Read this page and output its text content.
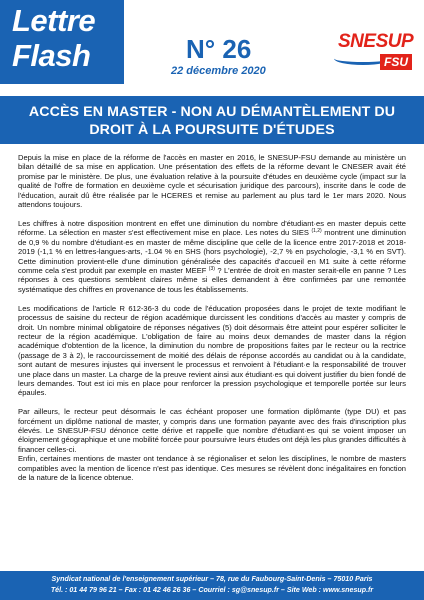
Lettre
Flash	N° 26
22 décembre 2020
SNESUP
FSU
ACCÈS EN MASTER - NON AU DÉMANTÈLEMENT DU
DROIT À LA POURSUITE D'ÉTUDES

Depuis la mise en place de la réforme de l'accès en master en 2016, le SNESUP-FSU demande au ministère un bilan détaillé de sa mise en application. Une présentation des effets de la réforme devant le CNESER avait été promise par le ministère. De plus, une évaluation relative à la poursuite d'études en deuxième cycle (impact sur la qualité de l'offre de formation en deuxième cycle et sécurisation juridique des parcours), inscrite dans le code de l'éducation, aurait dû être réalisée par le HCERES et remise au parlement au plus tard le 1er mars 2020. Nous attendons toujours.

Les chiffres à notre disposition montrent en effet une diminution du nombre d'étudiant·es en master depuis cette réforme. La sélection en master s'est effectivement mise en place. Les notes du SIES $^{(1,2)}$ montrent une diminution de 0,9 % du nombre d'étudiant·es en master de même discipline que celle de la licence entre 2017-2018 et 2018-2019 (-1,1 % en lettres-langues-arts, -1.04 % en SHS (hors psychologie), -2,7 % en psychologie, -3,1 % en SVT). Cette diminution provient-elle d'une diminution généralisée des capacités d'accueil en M1 suite à cette réforme comme cela s'est produit par exemple en master MEEF $^{(3)}$ ? L'entrée de droit en master serait-elle en panne ? Les réponses à ces questions semblent claires même si elles demandent à être confirmées par une remontée systématique des chiffres en provenance de tous les établissements.

Les modifications de l'article R 612-36-3 du code de l'éducation proposées dans le projet de texte modifiant le processus de saisine du recteur de région académique durcissent les conditions d'accès au master y compris de droit. Un nombre minimal obligatoire de réponses négatives (5) doit désormais être atteint pour espérer solliciter le recteur de la région académique. L'obligation de faire au moins deux demandes de master dans la région académique d'obtention de la licence, la diminution du nombre de propositions faites par le recteur ou la rectrice (passage de 3 à 2), le raccourcissement de moitié des délais de réponse accordés au candidat ou à la candidate, sont autant de mesures injustes qui inversent le processus et renvoient à l'étudiant·e la responsabilité de trouver une place dans un master. La charge de la preuve revient ainsi aux étudiant·es qui doivent justifier du bien fondé de leurs demandes. Tout est ici mis en place pour renforcer la pression psychologique et temporelle portée sur leurs épaules.

Par ailleurs, le recteur peut désormais le cas échéant proposer une formation diplômante (type DU) et pas forcément un diplôme national de master, y compris dans une formation payante avec des frais d'inscription plus élevés. Le SNESUP-FSU dénonce cette dérive et rappelle que nombre d'étudiant·es qui se voient imposer un éloignement géographique et une mobilité forcée pour poursuivre leurs études ont déjà les plus grandes difficultés à financer celles-ci.

Enfin, certaines mentions de master ont tendance à se régionaliser et selon les disciplines, le nombre de masters compatibles avec la mention de licence n'est pas identique. Ces mesures se révèlent donc inégalitaires en fonction de la nature de la licence obtenue.

Syndicat national de l'enseignement supérieur – 78, rue du Faubourg-Saint-Denis – 75010 Paris
Tél. : 01 44 79 96 21 – Fax : 01 42 46 26 36 – Courriel : sg@snesup.fr – Site Web : www.snesup.fr
